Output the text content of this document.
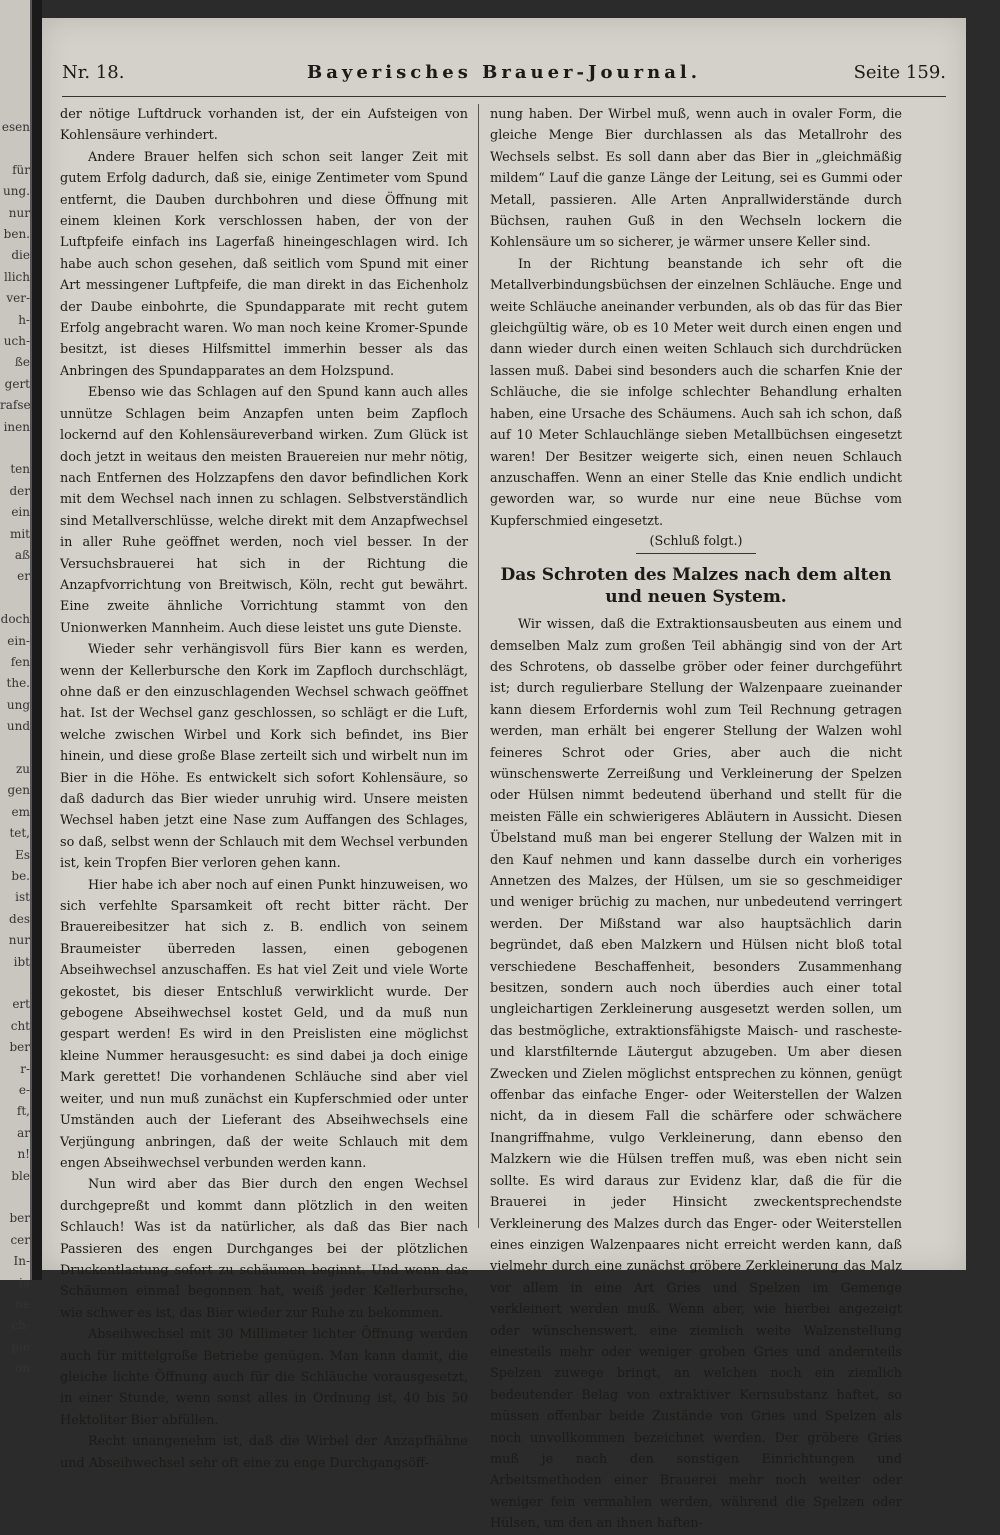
esen
für
ung.
nur
ben.
die
llich
ver-
h-
uch-
ße
gert
rafse
inen
ten
der
ein
mit
aß
er
doch
ein-
fen
the.
ung
und
zu
gen
em
tet,
Es
be.
ist
des
nur
ibt
ert
cht
ber
r-
e-
ft,
ar
n!
ble
ber
cer
In-
ia
ne
ch-
pie
on
Nr. 18.	Bayerisches Brauer-Journal.	Seite 159.

der nötige Luftdruck vorhanden ist, der ein Aufsteigen von Kohlensäure verhindert.

Andere Brauer helfen sich schon seit langer Zeit mit gutem Erfolg dadurch, daß sie, einige Zentimeter vom Spund entfernt, die Dauben durchbohren und diese Öffnung mit einem kleinen Kork verschlossen haben, der von der Luftpfeife einfach ins Lagerfaß hineingeschlagen wird. Ich habe auch schon gesehen, daß seitlich vom Spund mit einer Art messingener Luftpfeife, die man direkt in das Eichenholz der Daube einbohrte, die Spundapparate mit recht gutem Erfolg angebracht waren. Wo man noch keine Kromer-Spunde besitzt, ist dieses Hilfsmittel immerhin besser als das Anbringen des Spundapparates an dem Holzspund.

Ebenso wie das Schlagen auf den Spund kann auch alles unnütze Schlagen beim Anzapfen unten beim Zapfloch lockernd auf den Kohlensäureverband wirken. Zum Glück ist doch jetzt in weitaus den meisten Brauereien nur mehr nötig, nach Entfernen des Holzzapfens den davor befindlichen Kork mit dem Wechsel nach innen zu schlagen. Selbstverständlich sind Metallverschlüsse, welche direkt mit dem Anzapfwechsel in aller Ruhe geöffnet werden, noch viel besser. In der Versuchsbrauerei hat sich in der Richtung die Anzapfvorrichtung von Breitwisch, Köln, recht gut bewährt. Eine zweite ähnliche Vorrichtung stammt von den Unionwerken Mannheim. Auch diese leistet uns gute Dienste.

Wieder sehr verhängisvoll fürs Bier kann es werden, wenn der Kellerbursche den Kork im Zapfloch durchschlägt, ohne daß er den einzuschlagenden Wechsel schwach geöffnet hat. Ist der Wechsel ganz geschlossen, so schlägt er die Luft, welche zwischen Wirbel und Kork sich befindet, ins Bier hinein, und diese große Blase zerteilt sich und wirbelt nun im Bier in die Höhe. Es entwickelt sich sofort Kohlensäure, so daß dadurch das Bier wieder unruhig wird. Unsere meisten Wechsel haben jetzt eine Nase zum Auffangen des Schlages, so daß, selbst wenn der Schlauch mit dem Wechsel verbunden ist, kein Tropfen Bier verloren gehen kann.

Hier habe ich aber noch auf einen Punkt hinzuweisen, wo sich verfehlte Sparsamkeit oft recht bitter rächt. Der Brauereibesitzer hat sich z. B. endlich von seinem Braumeister überreden lassen, einen gebogenen Abseihwechsel anzuschaffen. Es hat viel Zeit und viele Worte gekostet, bis dieser Entschluß verwirklicht wurde. Der gebogene Abseihwechsel kostet Geld, und da muß nun gespart werden! Es wird in den Preislisten eine möglichst kleine Nummer herausgesucht: es sind dabei ja doch einige Mark gerettet! Die vorhandenen Schläuche sind aber viel weiter, und nun muß zunächst ein Kupferschmied oder unter Umständen auch der Lieferant des Abseihwechsels eine Verjüngung anbringen, daß der weite Schlauch mit dem engen Abseihwechsel verbunden werden kann.

Nun wird aber das Bier durch den engen Wechsel durchgepreßt und kommt dann plötzlich in den weiten Schlauch! Was ist da natürlicher, als daß das Bier nach Passieren des engen Durchganges bei der plötzlichen Druckentlastung sofort zu schäumen beginnt. Und wenn das Schäumen einmal begonnen hat, weiß jeder Kellerbursche, wie schwer es ist, das Bier wieder zur Ruhe zu bekommen.

Abseihwechsel mit 30 Millimeter lichter Öffnung werden auch für mittelgroße Betriebe genügen. Man kann damit, die gleiche lichte Öffnung auch für die Schläuche vorausgesetzt, in einer Stunde, wenn sonst alles in Ordnung ist, 40 bis 50 Hektoliter Bier abfüllen.

Recht unangenehm ist, daß die Wirbel der Anzapfhähne und Abseihwechsel sehr oft eine zu enge Durchgangsöff-

nung haben. Der Wirbel muß, wenn auch in ovaler Form, die gleiche Menge Bier durchlassen als das Metallrohr des Wechsels selbst. Es soll dann aber das Bier in „gleichmäßig mildem“ Lauf die ganze Länge der Leitung, sei es Gummi oder Metall, passieren. Alle Arten Anprallwiderstände durch Büchsen, rauhen Guß in den Wechseln lockern die Kohlensäure um so sicherer, je wärmer unsere Keller sind.

In der Richtung beanstande ich sehr oft die Metallverbindungsbüchsen der einzelnen Schläuche. Enge und weite Schläuche aneinander verbunden, als ob das für das Bier gleichgültig wäre, ob es 10 Meter weit durch einen engen und dann wieder durch einen weiten Schlauch sich durchdrücken lassen muß. Dabei sind besonders auch die scharfen Knie der Schläuche, die sie infolge schlechter Behandlung erhalten haben, eine Ursache des Schäumens. Auch sah ich schon, daß auf 10 Meter Schlauchlänge sieben Metallbüchsen eingesetzt waren! Der Besitzer weigerte sich, einen neuen Schlauch anzuschaffen. Wenn an einer Stelle das Knie endlich undicht geworden war, so wurde nur eine neue Büchse vom Kupferschmied eingesetzt.

(Schluß folgt.)
Das Schroten des Malzes nach dem alten und neuen System.

Wir wissen, daß die Extraktionsausbeuten aus einem und demselben Malz zum großen Teil abhängig sind von der Art des Schrotens, ob dasselbe gröber oder feiner durchgeführt ist; durch regulierbare Stellung der Walzenpaare zueinander kann diesem Erfordernis wohl zum Teil Rechnung getragen werden, man erhält bei engerer Stellung der Walzen wohl feineres Schrot oder Gries, aber auch die nicht wünschenswerte Zerreißung und Verkleinerung der Spelzen oder Hülsen nimmt bedeutend überhand und stellt für die meisten Fälle ein schwierigeres Abläutern in Aussicht. Diesen Übelstand muß man bei engerer Stellung der Walzen mit in den Kauf nehmen und kann dasselbe durch ein vorheriges Annetzen des Malzes, der Hülsen, um sie so geschmeidiger und weniger brüchig zu machen, nur unbedeutend verringert werden. Der Mißstand war also hauptsächlich darin begründet, daß eben Malzkern und Hülsen nicht bloß total verschiedene Beschaffenheit, besonders Zusammenhang besitzen, sondern auch noch überdies auch einer total ungleichartigen Zerkleinerung ausgesetzt werden sollen, um das bestmögliche, extraktionsfähigste Maisch- und rascheste- und klarstfilternde Läutergut abzugeben. Um aber diesen Zwecken und Zielen möglichst entsprechen zu können, genügt offenbar das einfache Enger- oder Weiterstellen der Walzen nicht, da in diesem Fall die schärfere oder schwächere Inangriffnahme, vulgo Verkleinerung, dann ebenso den Malzkern wie die Hülsen treffen muß, was eben nicht sein sollte. Es wird daraus zur Evidenz klar, daß die für die Brauerei in jeder Hinsicht zweckentsprechendste Verkleinerung des Malzes durch das Enger- oder Weiterstellen eines einzigen Walzenpaares nicht erreicht werden kann, daß vielmehr durch eine zunächst gröbere Zerkleinerung das Malz vor allem in eine Art Gries und Spelzen im Gemenge verkleinert werden muß. Wenn aber, wie hierbei angezeigt oder wünschenswert, eine ziemlich weite Walzenstellung einesteils mehr oder weniger groben Gries und andernteils Spelzen zuwege bringt, an welchen noch ein ziemlich bedeutender Belag von extraktiver Kernsubstanz haftet, so müssen offenbar beide Zustände von Gries und Spelzen als noch unvollkommen bezeichnet werden. Der gröbere Gries muß je nach den sonstigen Einrichtungen und Arbeitsmethoden einer Brauerei mehr noch weiter oder weniger fein vermahlen werden, während die Spelzen oder Hülsen, um den an ihnen haften-
